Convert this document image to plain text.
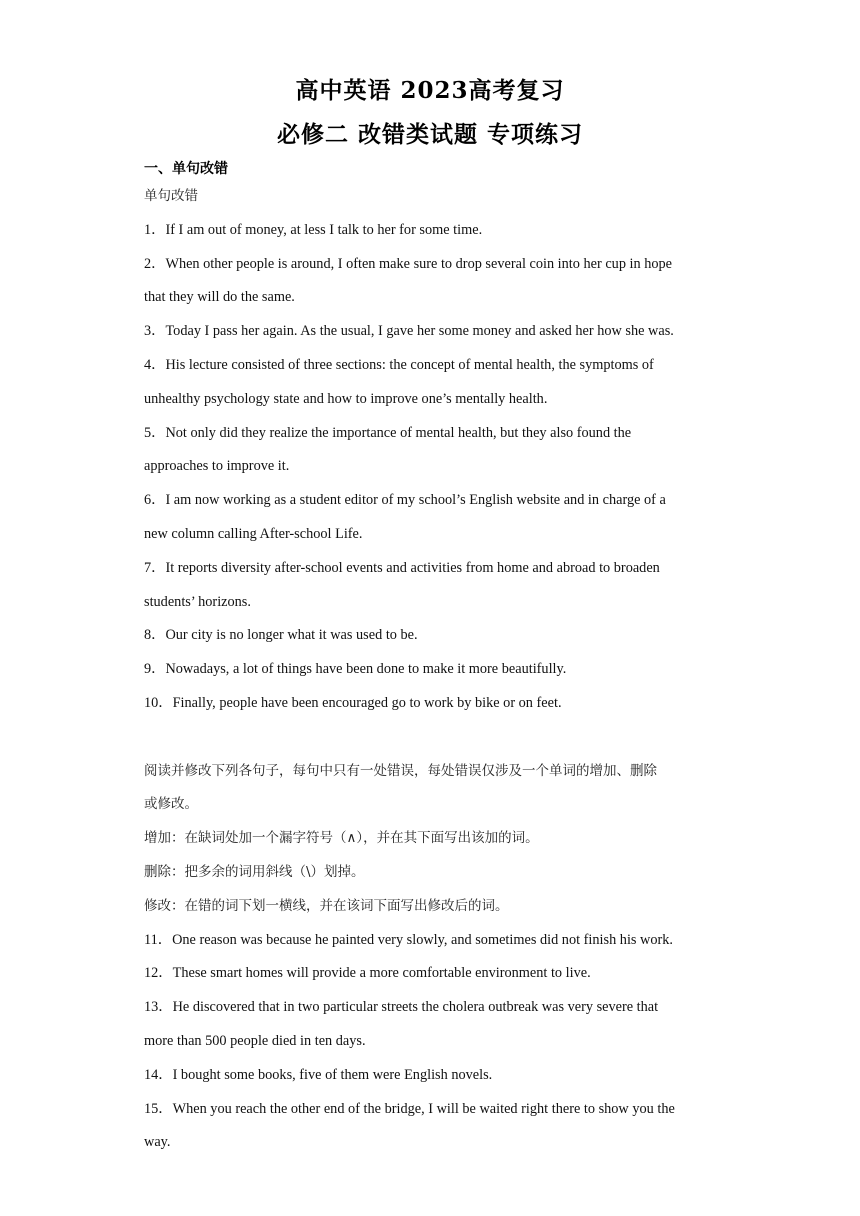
高中英语 2023高考复习
必修二 改错类试题 专项练习
一、单句改错
单句改错
1．If I am out of money, at less I talk to her for some time.
2．When other people is around, I often make sure to drop several coin into her cup in hope
that they will do the same.
3．Today I pass her again. As the usual, I gave her some money and asked her how she was.
4．His lecture consisted of three sections: the concept of mental health, the symptoms of
unhealthy psychology state and how to improve one’s mentally health.
5．Not only did they realize the importance of mental health, but they also found the
approaches to improve it.
6．I am now working as a student editor of my school’s English website and in charge of a
new column calling After-school Life.
7．It reports diversity after-school events and activities from home and abroad to broaden
students’ horizons.
8．Our city is no longer what it was used to be.
9．Nowadays, a lot of things have been done to make it more beautifully.
10．Finally, people have been encouraged go to work by bike or on feet.
阅读并修改下列各句子，每句中只有一处错误，每处错误仅涉及一个单词的增加、删除
或修改。
增加：在缺词处加一个漏字符号（∧），并在其下面写出该加的词。
删除：把多余的词用斜线（\）划掉。
修改：在错的词下划一横线，并在该词下面写出修改后的词。
11．One reason was because he painted very slowly, and sometimes did not finish his work.
12．These smart homes will provide a more comfortable environment to live.
13．He discovered that in two particular streets the cholera outbreak was very severe that
more than 500 people died in ten days.
14．I bought some books, five of them were English novels.
15．When you reach the other end of the bridge, I will be waited right there to show you the
way.
